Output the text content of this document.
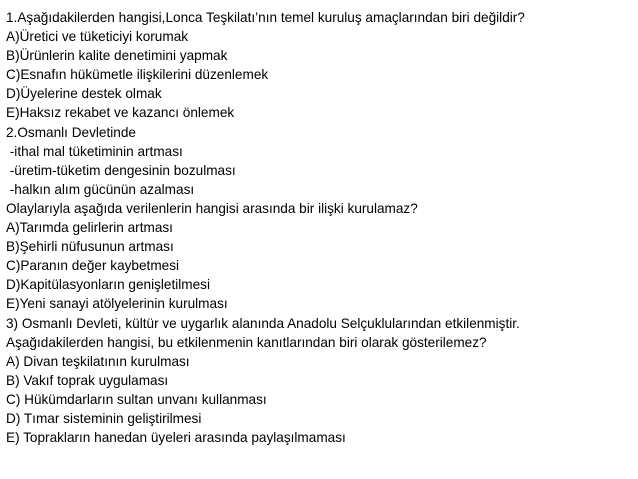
1.Aşağıdakilerden hangisi,Lonca Teşkilatı’nın temel kuruluş amaçlarından biri değildir?

A)Üretici ve tüketiciyi korumak

B)Ürünlerin kalite denetimini yapmak

C)Esnafın hükümetle ilişkilerini düzenlemek

D)Üyelerine destek olmak

E)Haksız rekabet ve kazancı önlemek

2.Osmanlı Devletinde

-ithal mal tüketiminin artması

-üretim-tüketim dengesinin bozulması

-halkın alım gücünün azalması

Olaylarıyla aşağıda verilenlerin hangisi arasında bir ilişki kurulamaz?

A)Tarımda gelirlerin artması

B)Şehirli nüfusunun artması

C)Paranın değer kaybetmesi

D)Kapitülasyonların genişletilmesi

E)Yeni sanayi atölyelerinin kurulması

3) Osmanlı Devleti, kültür ve uygarlık alanında Anadolu Selçuklularından etkilenmiştir.

Aşağıdakilerden hangisi, bu etkilenmenin kanıtlarından biri olarak gösterilemez?

A) Divan teşkilatının kurulması

B) Vakıf toprak uygulaması

C) Hükümdarların sultan unvanı kullanması

D) Tımar sisteminin geliştirilmesi

E) Toprakların hanedan üyeleri arasında paylaşılmaması
